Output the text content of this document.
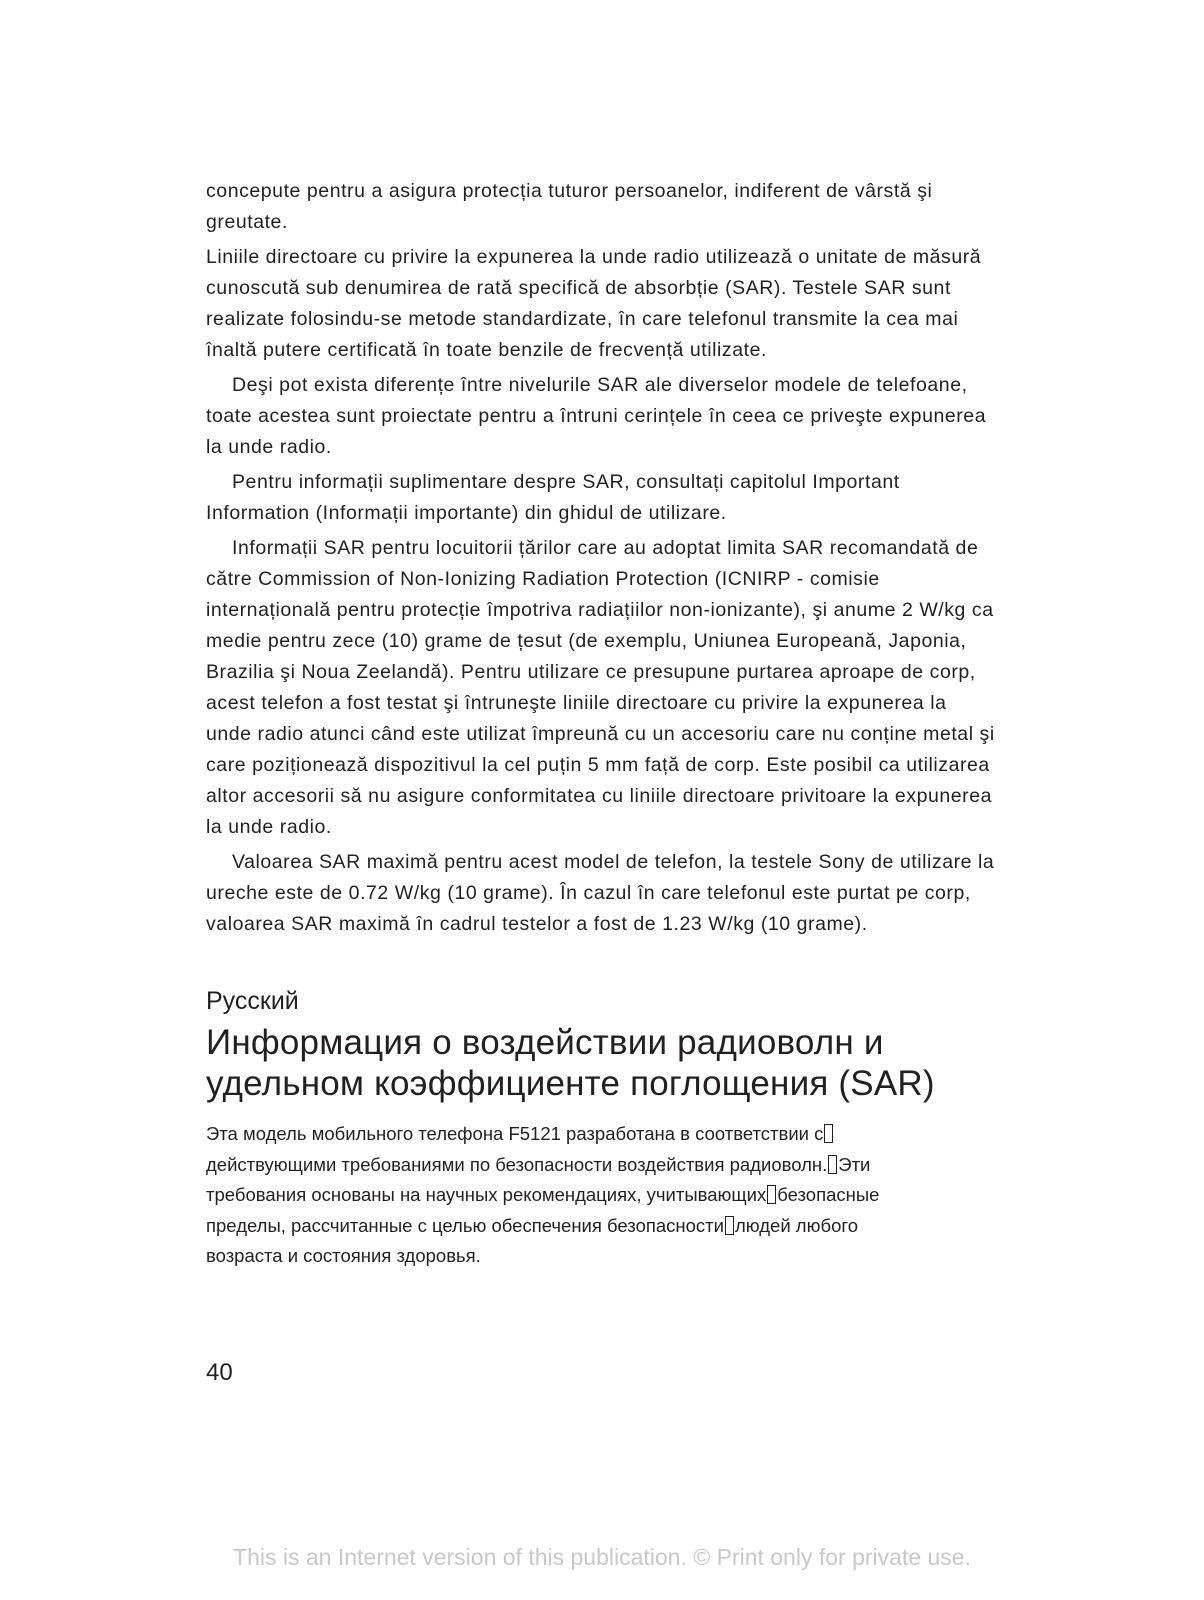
concepute pentru a asigura protecția tuturor persoanelor, indiferent de vârstă şi greutate.

Liniile directoare cu privire la expunerea la unde radio utilizează o unitate de măsură cunoscută sub denumirea de rată specifică de absorbție (SAR). Testele SAR sunt realizate folosindu-se metode standardizate, în care telefonul transmite la cea mai înaltă putere certificată în toate benzile de frecvență utilizate.

Deşi pot exista diferențe între nivelurile SAR ale diverselor modele de telefoane, toate acestea sunt proiectate pentru a întruni cerințele în ceea ce priveşte expunerea la unde radio.

Pentru informații suplimentare despre SAR, consultați capitolul Important Information (Informații importante) din ghidul de utilizare.

Informații SAR pentru locuitorii țărilor care au adoptat limita SAR recomandată de către Commission of Non-Ionizing Radiation Protection (ICNIRP - comisie internațională pentru protecție împotriva radiațiilor non-ionizante), şi anume 2 W/kg ca medie pentru zece (10) grame de țesut (de exemplu, Uniunea Europeană, Japonia, Brazilia şi Noua Zeelandă). Pentru utilizare ce presupune purtarea aproape de corp, acest telefon a fost testat şi întruneşte liniile directoare cu privire la expunerea la unde radio atunci când este utilizat împreună cu un accesoriu care nu conține metal şi care poziționează dispozitivul la cel puțin 5 mm față de corp. Este posibil ca utilizarea altor accesorii să nu asigure conformitatea cu liniile directoare privitoare la expunerea la unde radio.

Valoarea SAR maximă pentru acest model de telefon, la testele Sony de utilizare la ureche este de 0.72 W/kg (10 grame). În cazul în care telefonul este purtat pe corp, valoarea SAR maximă în cadrul testelor a fost de 1.23 W/kg (10 grame).

Русский
Информация о воздействии радиоволн и
удельном коэффициенте поглощения (SAR)
Эта модель мобильного телефона F5121 разработана в соответствии с
действующими требованиями по безопасности воздействия радиоволн. Эти
требования основаны на научных рекомендациях, учитывающих безопасные
пределы, рассчитанные с целью обеспечения безопасности людей любого
возраста и состояния здоровья.
40
This is an Internet version of this publication. © Print only for private use.
